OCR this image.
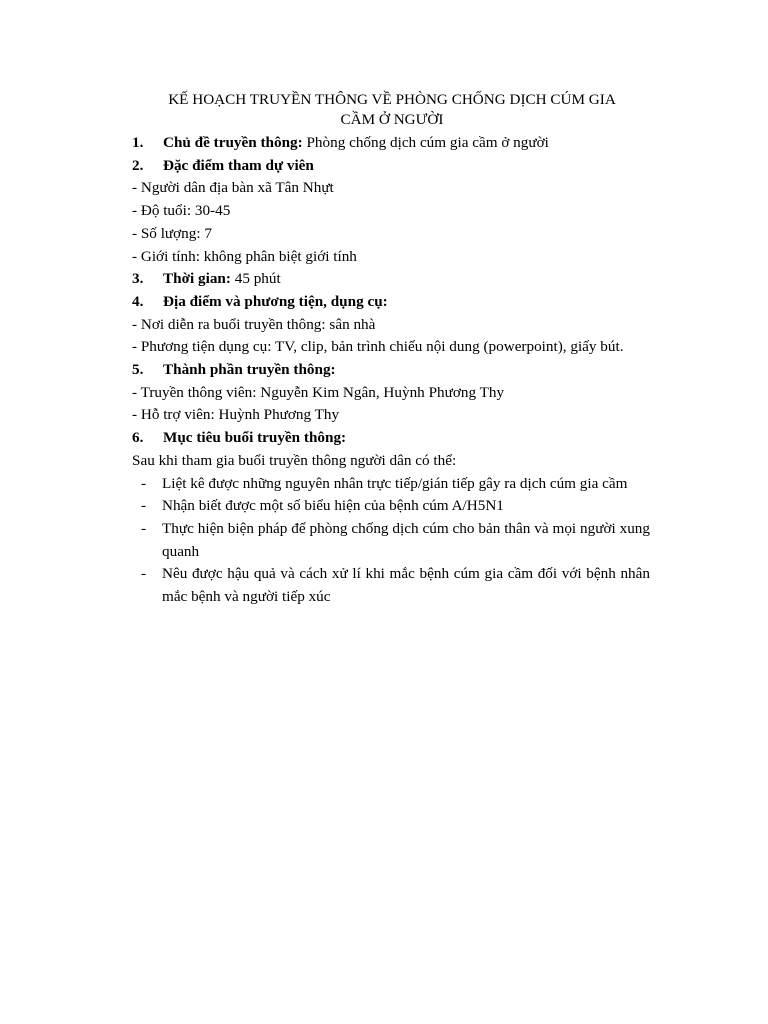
KẾ HOẠCH TRUYỀN THÔNG VỀ PHÒNG CHỐNG DỊCH CÚM GIA
CẦM Ở NGƯỜI
1. Chủ đề truyền thông: Phòng chống dịch cúm gia cầm ở người
2. Đặc điểm tham dự viên
- Người dân địa bàn xã Tân Nhựt
- Độ tuổi: 30-45
- Số lượng: 7
- Giới tính: không phân biệt giới tính
3. Thời gian: 45 phút
4. Địa điểm và phương tiện, dụng cụ:
- Nơi diễn ra buổi truyền thông: sân nhà
- Phương tiện dụng cụ: TV, clip, bản trình chiếu nội dung (powerpoint), giấy bút.
5. Thành phần truyền thông:
- Truyền thông viên: Nguyễn Kim Ngân, Huỳnh Phương Thy
- Hỗ trợ viên: Huỳnh Phương Thy
6. Mục tiêu buổi truyền thông:
Sau khi tham gia buổi truyền thông người dân có thể:
-	Liệt kê được những nguyên nhân trực tiếp/gián tiếp gây ra dịch cúm gia cầm
-	Nhận biết được một số biểu hiện của bệnh cúm A/H5N1
-	Thực hiện biện pháp để phòng chống dịch cúm cho bản thân và mọi người xung quanh
-	Nêu được hậu quả và cách xử lí khi mắc bệnh cúm gia cầm đối với bệnh nhân mắc bệnh và người tiếp xúc
